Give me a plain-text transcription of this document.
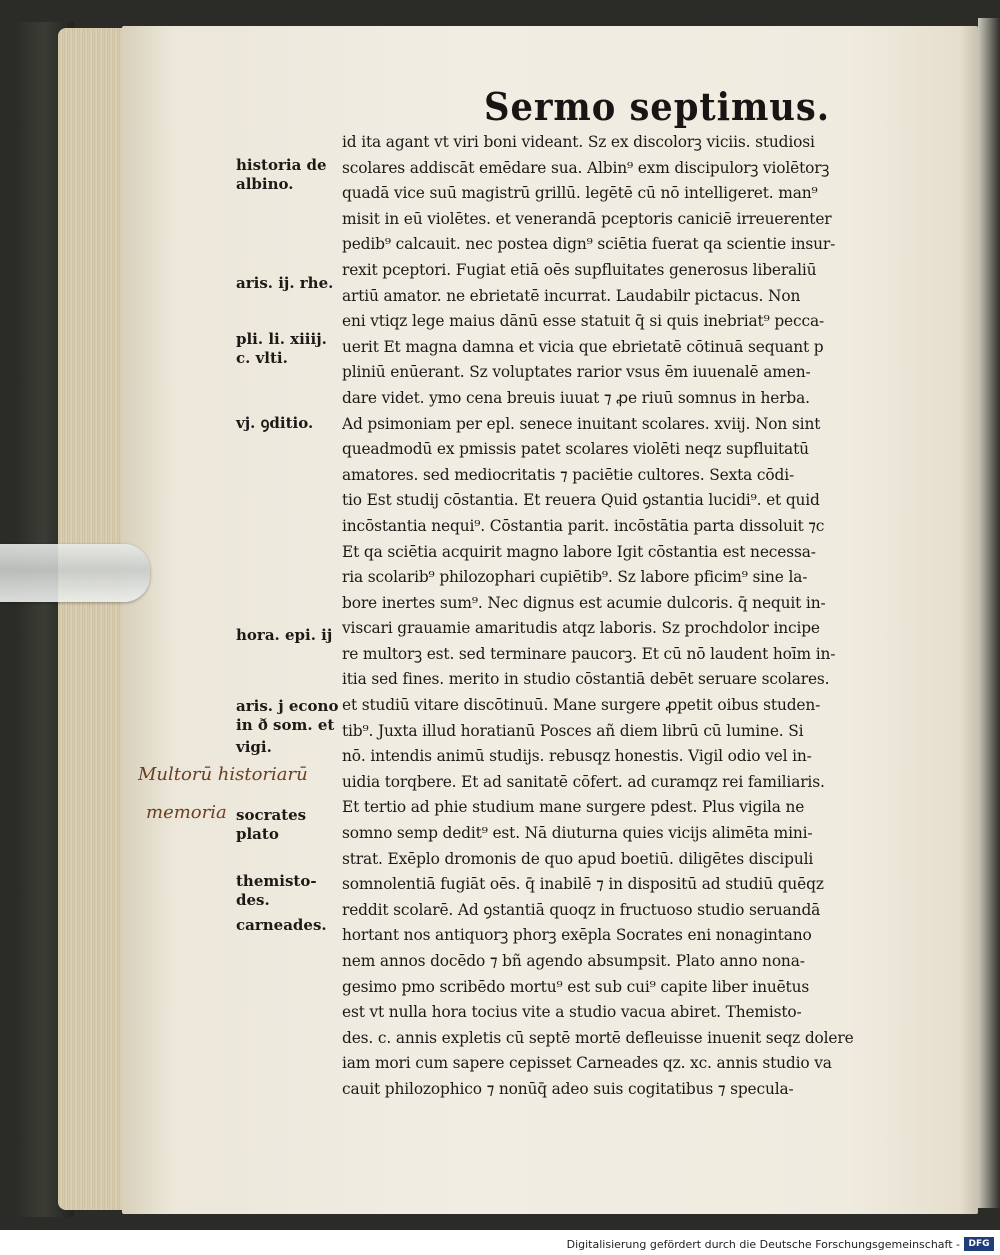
Sermo septimus.
historia de
albino.
aris. ij. rhe.
pli. li. xiiij.
c. vlti.
vj. ꝯditio.
hora. epi. ij
aris. j econo
in ð som. et
vigi.
socrates
plato
themisto-
des.
carneades.
Multorū historiarū
memoria
id ita agant vt viri boni videant. Sz ex discolorꝫ viciis. studiosi
scolares addiscāt emēdare sua. Albin⁹ exm discipulorꝫ violētorꝫ
quadā vice suū magistrū grillū. legētē cū nō intelligeret. man⁹
misit in eū violētes. et venerandā pceptoris caniciē irreuerenter
pedib⁹ calcauit. nec postea dign⁹ sciētia fuerat qa scientie insur-
rexit pceptori. Fugiat etiā oēs supfluitates generosus liberaliū
artiū amator. ne ebrietatē incurrat. Laudabilr pictacus. Non
eni vtiqz lege maius dānū esse statuit q̄ si quis inebriat⁹ pecca-
uerit Et magna damna et vicia que ebrietatē cōtinuā sequant p
pliniū enūerant. Sz voluptates rarior vsus ēm iuuenalē amen-
dare videt. ymo cena breuis iuuat ⁊ ꝓe riuū somnus in herba.
Ad psimoniam per epl. senece inuitant scolares. xviij. Non sint
queadmodū ex pmissis patet scolares violēti neqz supfluitatū
amatores. sed mediocritatis ⁊ paciētie cultores. Sexta cōdi-
tio Est studij cōstantia. Et reuera Quid ꝯstantia lucidi⁹. et quid
incōstantia nequi⁹. Cōstantia parit. incōstātia parta dissoluit ⁊c
Et qa sciētia acquirit magno labore Igit cōstantia est necessa-
ria scolarib⁹ philozophari cupiētib⁹. Sz labore pficim⁹ sine la-
bore inertes sum⁹. Nec dignus est acumie dulcoris. q̄ nequit in-
viscari grauamie amaritudis atqz laboris. Sz prochdolor incipe
re multorꝫ est. sed terminare paucorꝫ. Et cū nō laudent hoīm in-
itia sed fines. merito in studio cōstantiā debēt seruare scolares.
et studiū vitare discōtinuū. Mane surgere ꝓpetit oibus studen-
tib⁹. Juxta illud horatianū Posces añ diem librū cū lumine. Si
nō. intendis animū studijs. rebusqz honestis. Vigil odio vel in-
uidia torqbere. Et ad sanitatē cōfert. ad curamqz rei familiaris.
Et tertio ad phie studium mane surgere pdest. Plus vigila ne
somno semp dedit⁹ est. Nā diuturna quies vicijs alimēta mini-
strat. Exēplo dromonis de quo apud boetiū. diligētes discipuli
somnolentiā fugiāt oēs. q̄ inabilē ⁊ in dispositū ad studiū quēqz
reddit scolarē. Ad ꝯstantiā quoqz in fructuoso studio seruandā
hortant nos antiquorꝫ phorꝫ exēpla Socrates eni nonagintano
nem annos docēdo ⁊ bñ agendo absumpsit. Plato anno nona-
gesimo pmo scribēdo mortu⁹ est sub cui⁹ capite liber inuētus
est vt nulla hora tocius vite a studio vacua abiret. Themisto-
des. c. annis expletis cū septē mortē defleuisse inuenit seqz dolere
iam mori cum sapere cepisset Carneades qz. xc. annis studio va
cauit philozophico ⁊ nonūq̄ adeo suis cogitatibus ⁊ specula-
Digitalisierung gefördert durch die Deutsche Forschungsgemeinschaft - DFG
